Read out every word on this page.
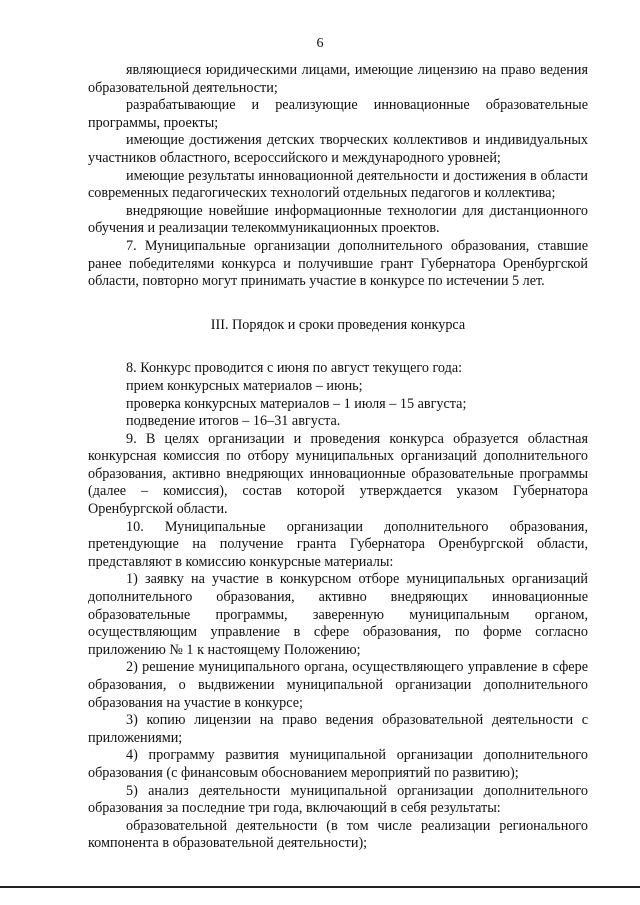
6

являющиеся юридическими лицами, имеющие лицензию на право ведения образовательной деятельности;

разрабатывающие и реализующие инновационные образовательные программы, проекты;

имеющие достижения детских творческих коллективов и индивидуальных участников областного, всероссийского и международного уровней;

имеющие результаты инновационной деятельности и достижения в области современных педагогических технологий отдельных педагогов и коллектива;

внедряющие новейшие информационные технологии для дистанционного обучения и реализации телекоммуникационных проектов.

7. Муниципальные организации дополнительного образования, ставшие ранее победителями конкурса и получившие грант Губернатора Оренбургской области, повторно могут принимать участие в конкурсе по истечении 5 лет.

III. Порядок и сроки проведения конкурса

8. Конкурс проводится с июня по август текущего года:

прием конкурсных материалов – июнь;

проверка конкурсных материалов – 1 июля – 15 августа;

подведение итогов – 16–31 августа.

9. В целях организации и проведения конкурса образуется областная конкурсная комиссия по отбору муниципальных организаций дополнительного образования, активно внедряющих инновационные образовательные программы (далее – комиссия), состав которой утверждается указом Губернатора Оренбургской области.

10. Муниципальные организации дополнительного образования, претендующие на получение гранта Губернатора Оренбургской области, представляют в комиссию конкурсные материалы:

1) заявку на участие в конкурсном отборе муниципальных организаций дополнительного образования, активно внедряющих инновационные образовательные программы, заверенную муниципальным органом, осуществляющим управление в сфере образования, по форме согласно приложению № 1 к настоящему Положению;

2) решение муниципального органа, осуществляющего управление в сфере образования, о выдвижении муниципальной организации дополнительного образования на участие в конкурсе;

3) копию лицензии на право ведения образовательной деятельности с приложениями;

4) программу развития муниципальной организации дополнительного образования (с финансовым обоснованием мероприятий по развитию);

5) анализ деятельности муниципальной организации дополнительного образования за последние три года, включающий в себя результаты:

образовательной деятельности (в том числе реализации регионального компонента в образовательной деятельности);
